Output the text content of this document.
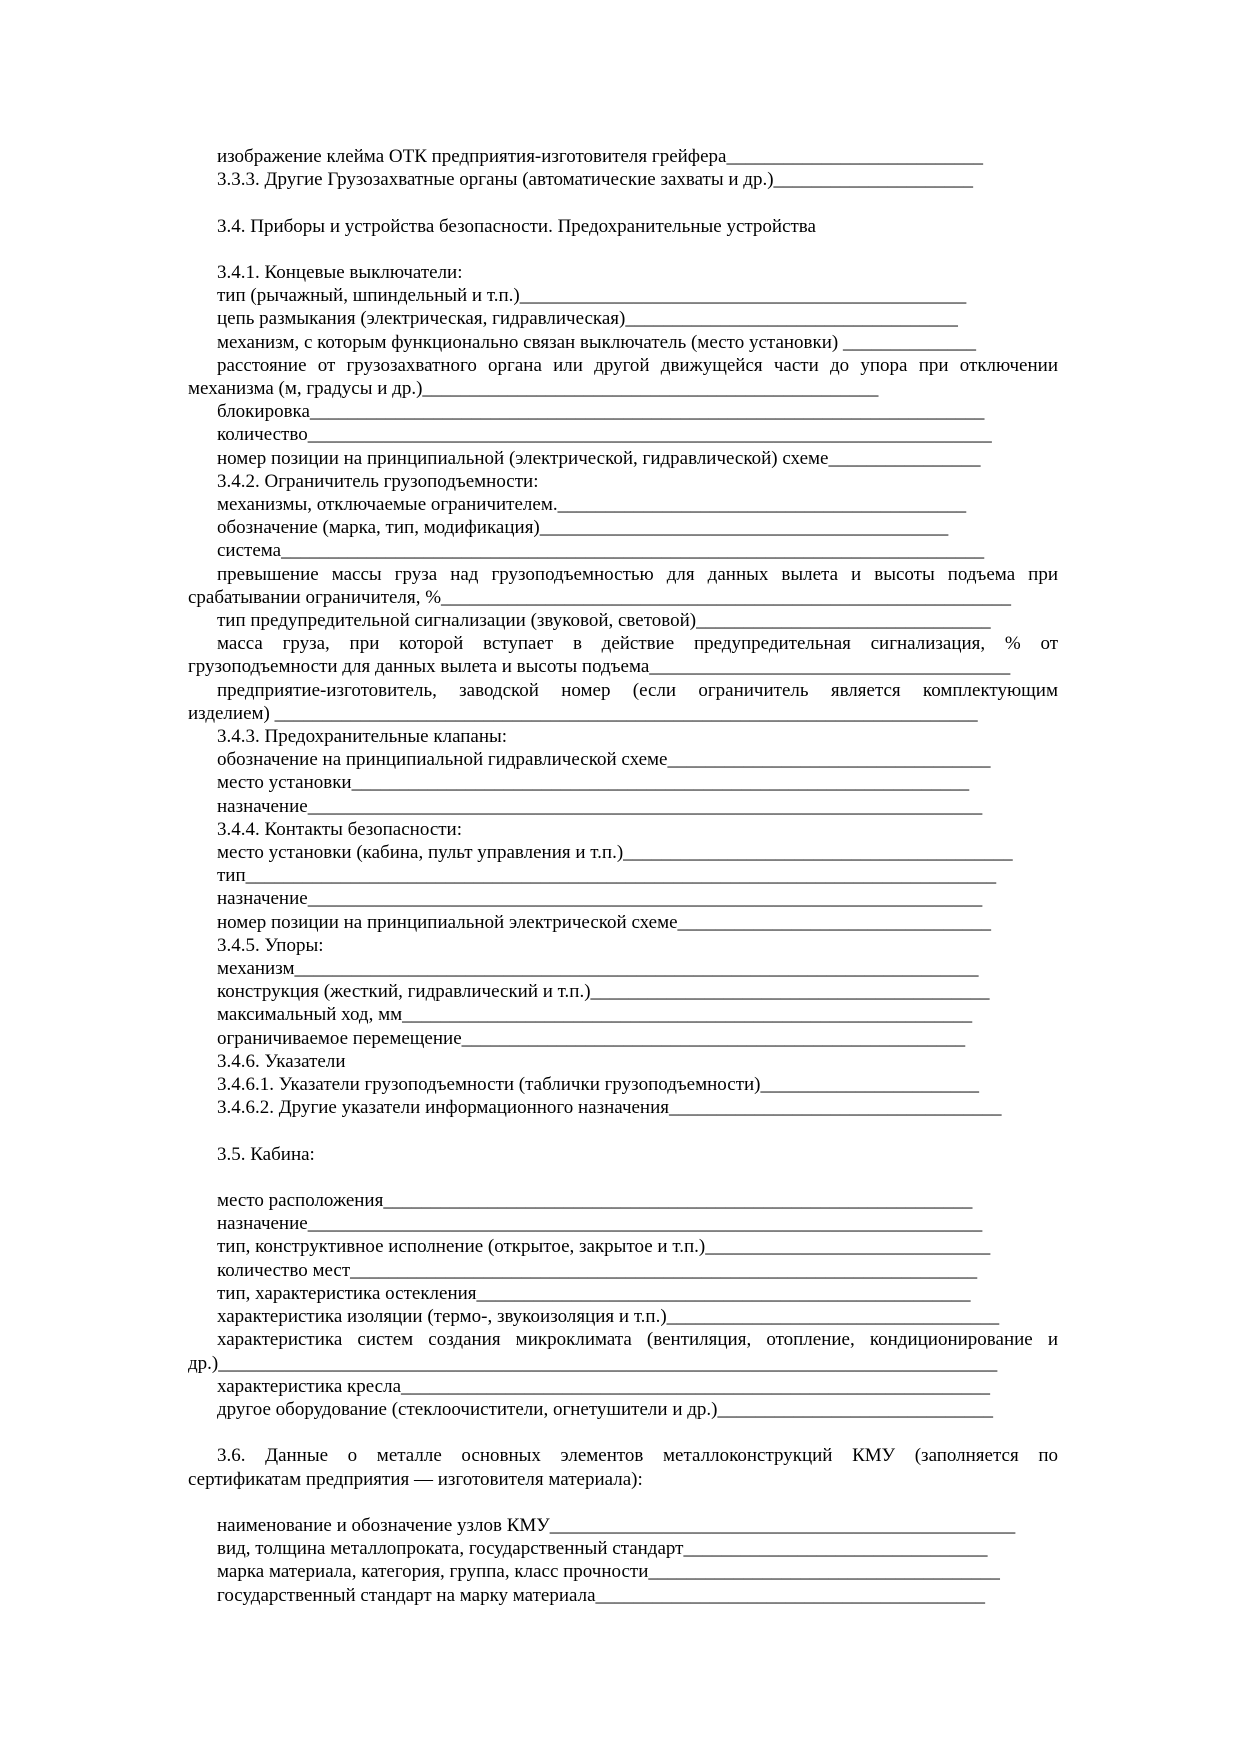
изображение клейма ОТК предприятия-изготовителя грейфера___________________________
3.3.3. Другие Грузозахватные органы (автоматические захваты и др.)_____________________
3.4. Приборы и устройства безопасности. Предохранительные устройства
3.4.1. Концевые выключатели:
тип (рычажный, шпиндельный и т.п.)_______________________________________________
цепь размыкания (электрическая, гидравлическая)___________________________________
механизм, с которым функционально связан выключатель (место установки) ______________
расстояние от грузозахватного органа или другой движущейся части до упора при отключении
механизма (м, градусы и др.)________________________________________________
блокировка_______________________________________________________________________
количество________________________________________________________________________
номер позиции на принципиальной (электрической, гидравлической) схеме________________
3.4.2. Ограничитель грузоподъемности:
механизмы, отключаемые ограничителем.___________________________________________
обозначение (марка, тип, модификация)___________________________________________
система__________________________________________________________________________
превышение массы груза над грузоподъемностью для данных вылета и высоты подъема при
срабатывании ограничителя, %____________________________________________________________
тип предупредительной сигнализации (звуковой, световой)_______________________________
масса груза, при которой вступает в действие предупредительная сигнализация, % от
грузоподъемности для данных вылета и высоты подъема______________________________________
предприятие-изготовитель, заводской номер (если ограничитель является комплектующим
изделием) __________________________________________________________________________
3.4.3. Предохранительные клапаны:
обозначение на принципиальной гидравлической схеме__________________________________
место установки_________________________________________________________________
назначение_______________________________________________________________________
3.4.4. Контакты безопасности:
место установки (кабина, пульт управления и т.п.)_________________________________________
тип_______________________________________________________________________________
назначение_______________________________________________________________________
номер позиции на принципиальной электрической схеме_________________________________
3.4.5. Упоры:
механизм________________________________________________________________________
конструкция (жесткий, гидравлический и т.п.)__________________________________________
максимальный ход, мм____________________________________________________________
ограничиваемое перемещение_____________________________________________________
3.4.6. Указатели
3.4.6.1. Указатели грузоподъемности (таблички грузоподъемности)_______________________
3.4.6.2. Другие указатели информационного назначения___________________________________
3.5. Кабина:
место расположения______________________________________________________________
назначение_______________________________________________________________________
тип, конструктивное исполнение (открытое, закрытое и т.п.)______________________________
количество мест__________________________________________________________________
тип, характеристика остекления____________________________________________________
характеристика изоляции (термо-, звукоизоляция и т.п.)___________________________________
характеристика систем создания микроклимата (вентиляция, отопление, кондиционирование и
др.)__________________________________________________________________________________
характеристика кресла______________________________________________________________
другое оборудование (стеклоочистители, огнетушители и др.)_____________________________
3.6. Данные о металле основных элементов металлоконструкций КМУ (заполняется по
сертификатам предприятия — изготовителя материала):
наименование и обозначение узлов КМУ_________________________________________________
вид, толщина металлопроката, государственный стандарт________________________________
марка материала, категория, группа, класс прочности_____________________________________
государственный стандарт на марку материала_________________________________________
